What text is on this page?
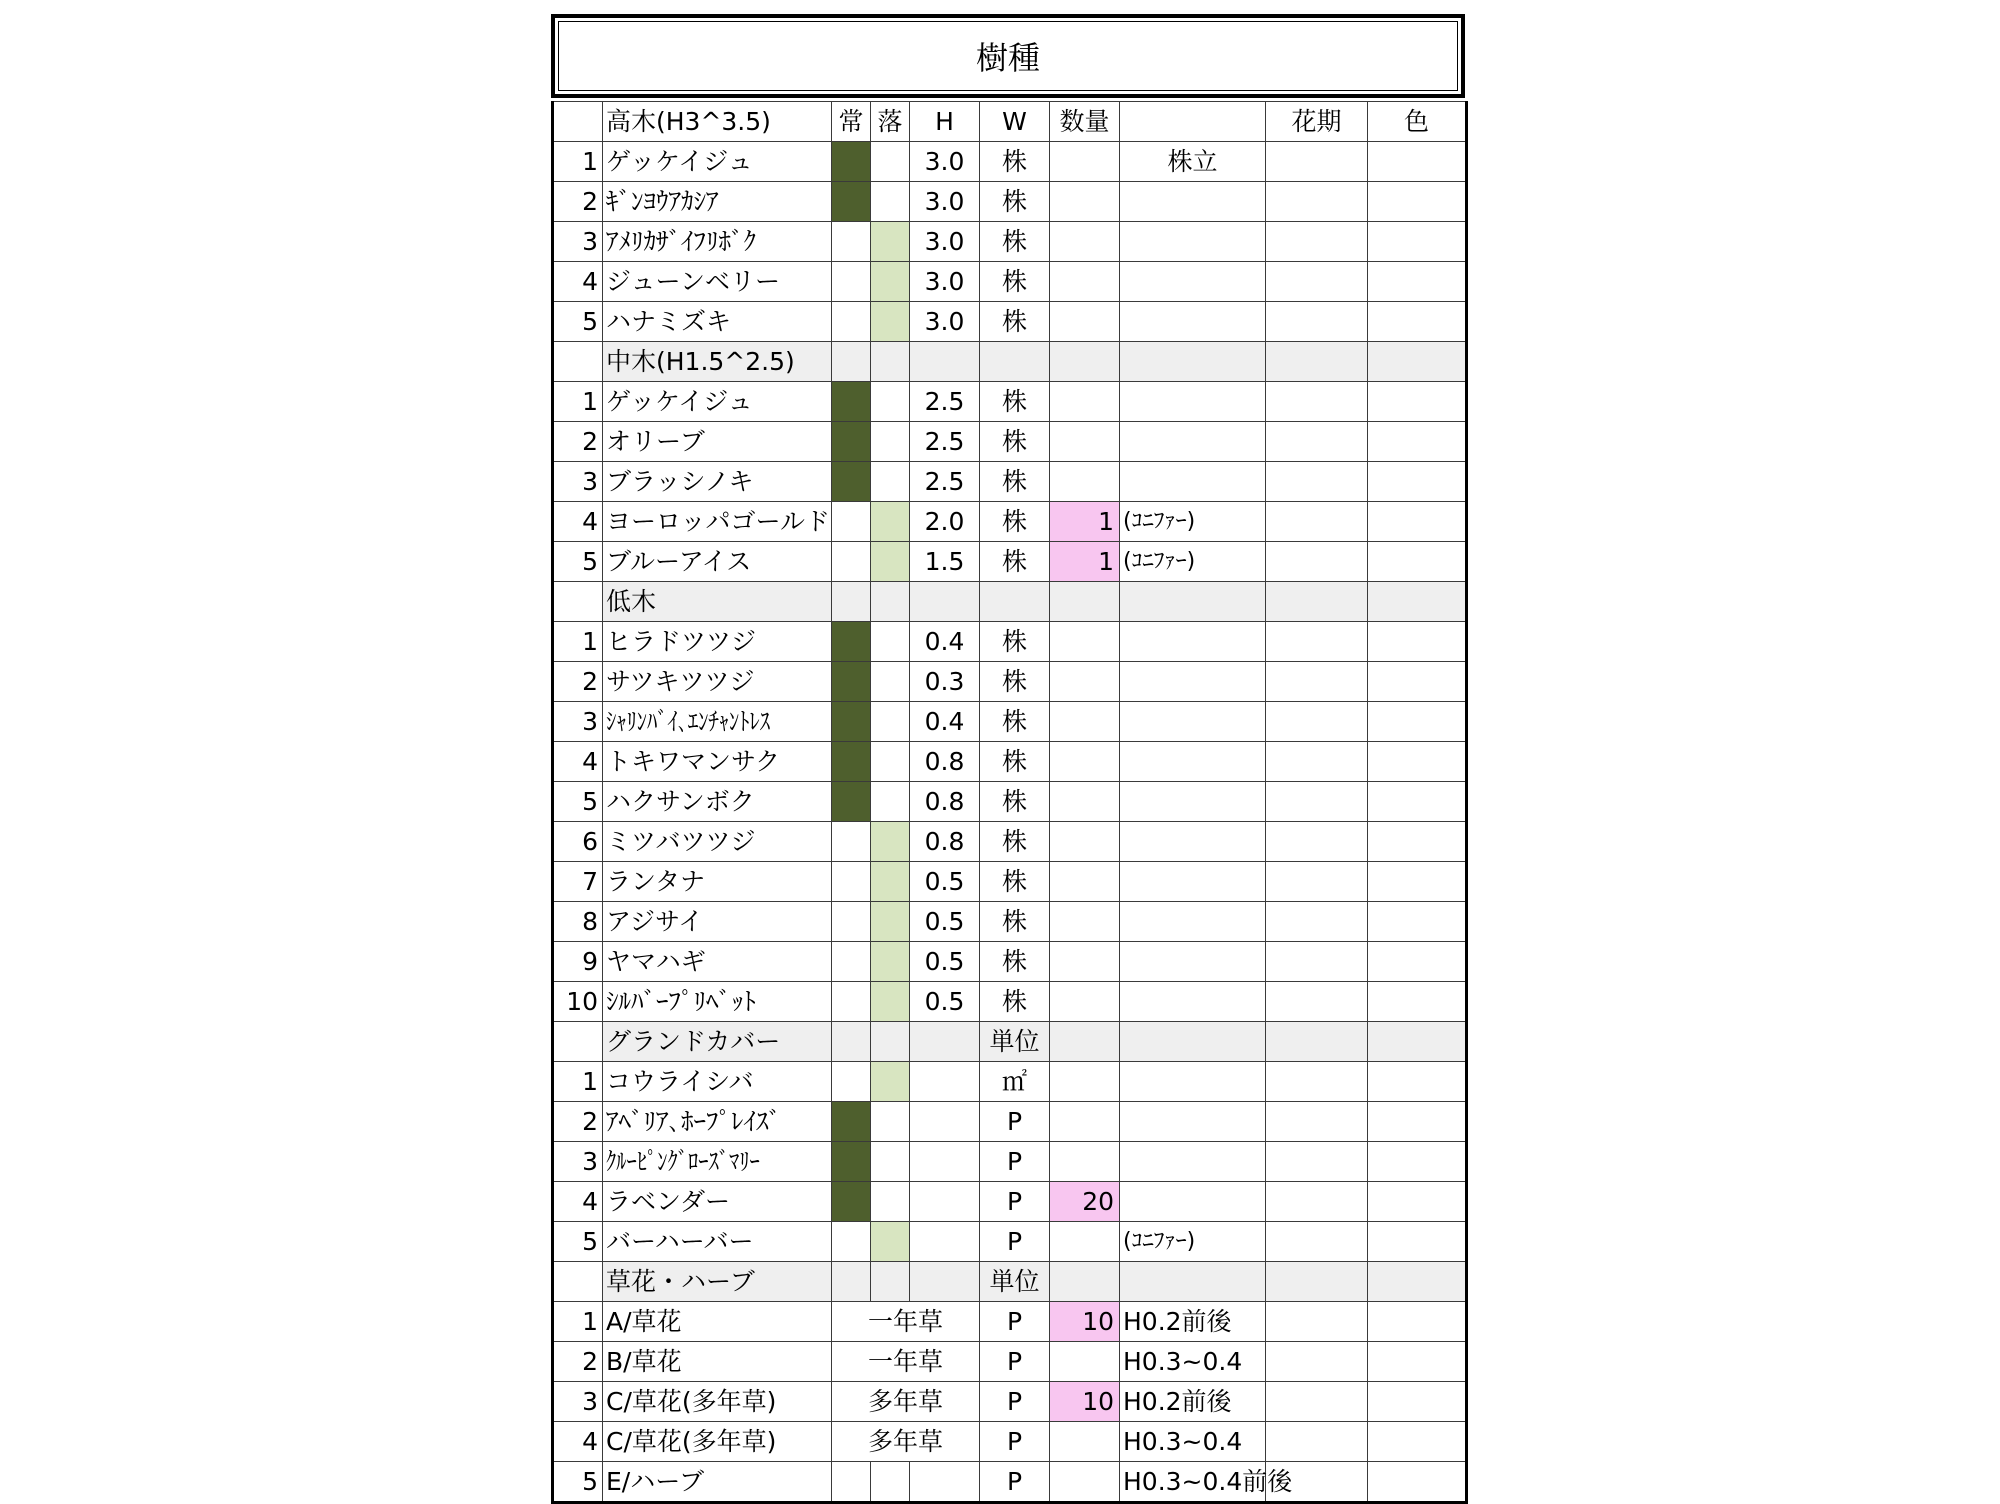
樹種
	高木(H3^3.5)	常	落	H	W	数量		花期	色
1	ゲッケイジュ			3.0	株		株立		
2	ｷﾞﾝﾖｳｱｶｼｱ			3.0	株				
3	ｱﾒﾘｶｻﾞｲﾌﾘﾎﾞｸ			3.0	株				
4	ジューンベリー			3.0	株				
5	ハナミズキ			3.0	株				
	中木(H1.5^2.5)								
1	ゲッケイジュ			2.5	株				
2	オリーブ			2.5	株				
3	ブラッシノキ			2.5	株				
4	ヨーロッパゴールド			2.0	株	1	(ｺﾆﾌｧｰ)		
5	ブルーアイス			1.5	株	1	(ｺﾆﾌｧｰ)		
	低木								
1	ヒラドツツジ			0.4	株				
2	サツキツツジ			0.3	株				
3	ｼｬﾘﾝﾊﾞｲ､ｴﾝﾁｬﾝﾄﾚｽ			0.4	株				
4	トキワマンサク			0.8	株				
5	ハクサンボク			0.8	株				
6	ミツバツツジ			0.8	株				
7	ランタナ			0.5	株				
8	アジサイ			0.5	株				
9	ヤマハギ			0.5	株				
10	ｼﾙﾊﾞｰﾌﾟﾘﾍﾞｯﾄ			0.5	株				
	グランドカバー				単位				
1	コウライシバ				㎡				
2	ｱﾍﾞﾘｱ､ﾎｰﾌﾟﾚｲｽﾞ				P				
3	ｸﾙｰﾋﾟﾝｸﾞﾛｰｽﾞﾏﾘｰ				P				
4	ラベンダー				P	20			
5	バーハーバー				P		(ｺﾆﾌｧｰ)		
	草花・ハーブ				単位				
1	A/草花	一年草			P	10	H0.2前後		
2	B/草花	一年草			P		H0.3~0.4		
3	C/草花(多年草)	多年草			P	10	H0.2前後		
4	C/草花(多年草)	多年草			P		H0.3~0.4		
5	E/ハーブ				P		H0.3~0.4前後		
